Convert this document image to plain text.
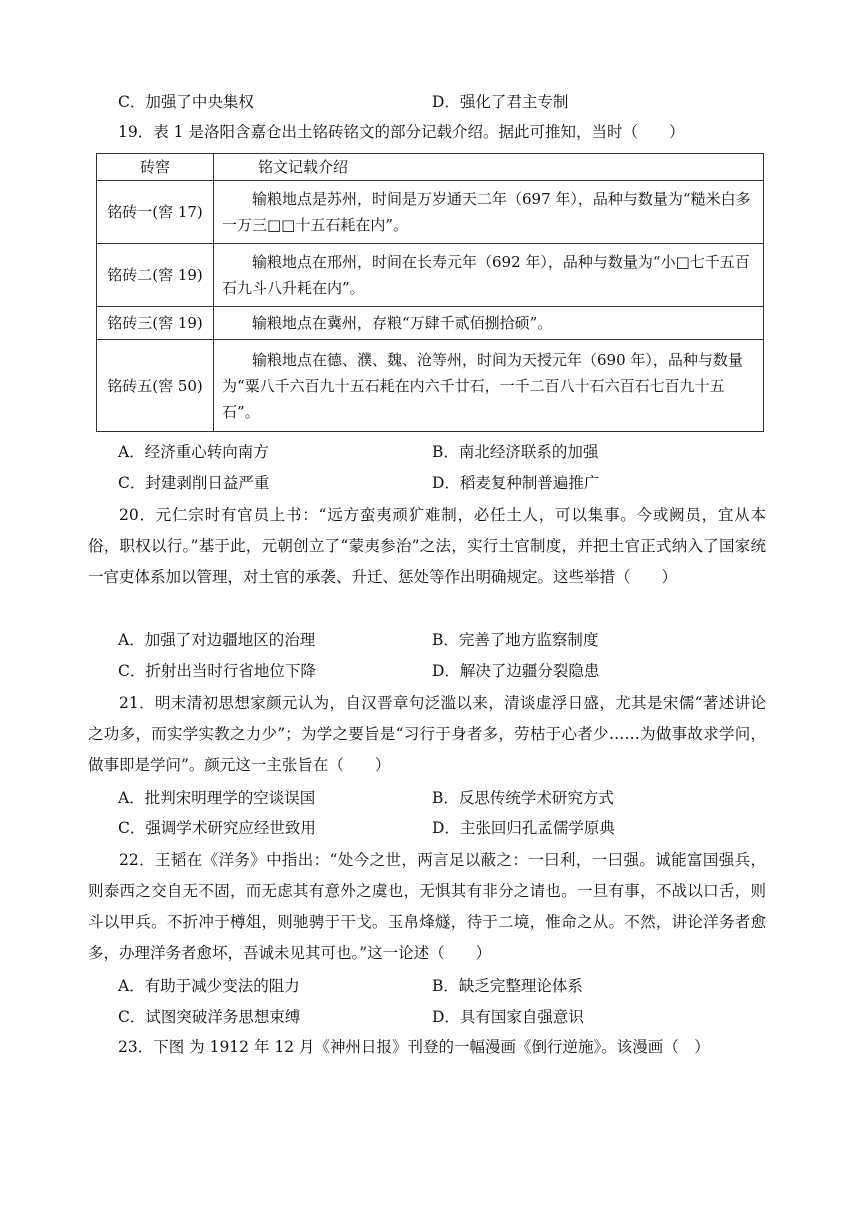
C．加强了中央集权	D．强化了君主专制
19．表 1 是洛阳含嘉仓出土铭砖铭文的部分记载介绍。据此可推知，当时（　　）
砖窖	铭文记载介绍
铭砖一(窖 17)	输粮地点是苏州，时间是万岁通天二年（697 年），品种与数量为“糙米白多一万三□□十五石耗在内”。
铭砖二(窖 19)	输粮地点在邢州，时间在长寿元年（692 年），品种与数量为“小□七千五百石九斗八升耗在内”。
铭砖三(窖 19)	输粮地点在冀州，存粮“万肆千贰佰捌拾硕”。
铭砖五(窖 50)	输粮地点在德、濮、魏、沧等州，时间为天授元年（690 年），品种与数量为“粟八千六百九十五石耗在内六千廿石，一千二百八十石六百石七百九十五石”。
A．经济重心转向南方	B．南北经济联系的加强
C．封建剥削日益严重	D．稻麦复种制普遍推广
20．元仁宗时有官员上书：“远方蛮夷顽犷难制，必任土人，可以集事。今或阙员，宜从本俗，职权以行。”基于此，元朝创立了“蒙夷参治”之法，实行土官制度，并把土官正式纳入了国家统一官吏体系加以管理，对土官的承袭、升迁、惩处等作出明确规定。这些举措（　　）
A．加强了对边疆地区的治理	B．完善了地方监察制度
C．折射出当时行省地位下降	D．解决了边疆分裂隐患
21．明末清初思想家颜元认为，自汉晋章句泛滥以来，清谈虚浮日盛，尤其是宋儒“著述讲论之功多，而实学实教之力少”；为学之要旨是“习行于身者多，劳枯于心者少……为做事故求学问，做事即是学问”。颜元这一主张旨在（　　）
A．批判宋明理学的空谈误国	B．反思传统学术研究方式
C．强调学术研究应经世致用	D．主张回归孔孟儒学原典
22．王韬在《洋务》中指出：“处今之世，两言足以蔽之：一曰利，一曰强。诚能富国强兵，则泰西之交自无不固，而无虑其有意外之虞也，无惧其有非分之请也。一旦有事，不战以口舌，则斗以甲兵。不折冲于樽俎，则驰骋于干戈。玉帛烽燧，待于二境，惟命之从。不然，讲论洋务者愈多，办理洋务者愈坏，吾诚未见其可也。”这一论述（　　）
A．有助于减少变法的阻力	B．缺乏完整理论体系
C．试图突破洋务思想束缚	D．具有国家自强意识
23．下图 为 1912 年 12 月《神州日报》刊登的一幅漫画《倒行逆施》。该漫画（　）
